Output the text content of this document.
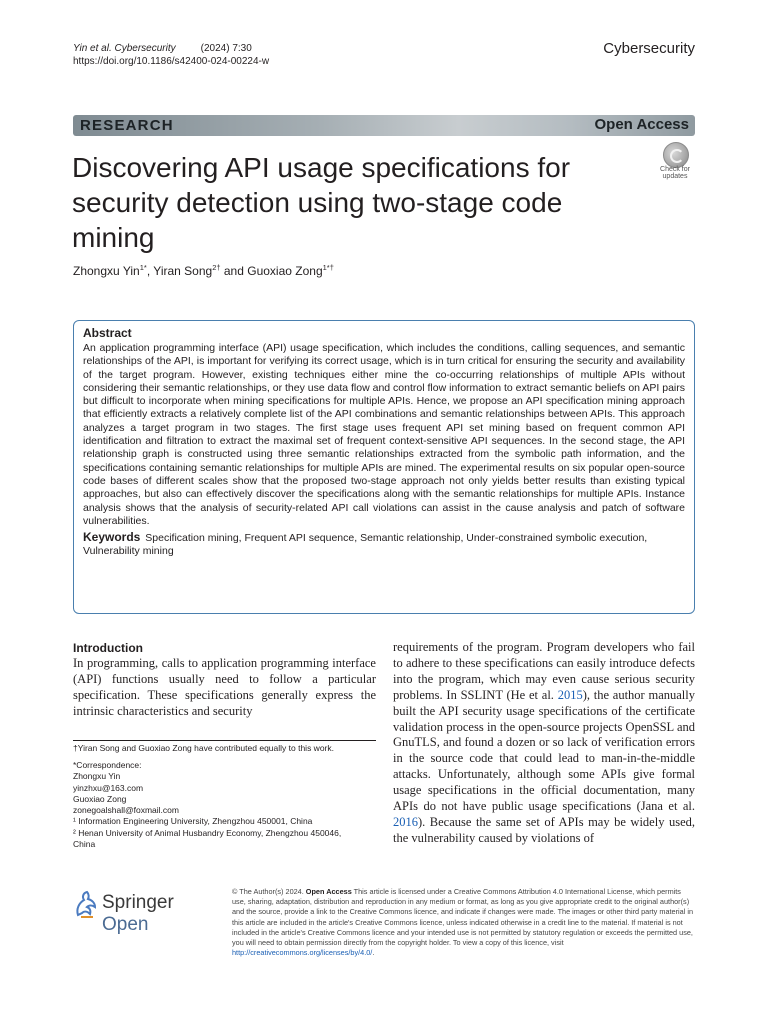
Yin et al. Cybersecurity	(2024) 7:30
https://doi.org/10.1186/s42400-024-00224-w
Cybersecurity
RESEARCH	Open Access
Discovering API usage specifications for security detection using two-stage code mining
Check for
updates
Zhongxu Yin$^{1*}$, Yiran Song$^{2\dagger}$ and Guoxiao Zong$^{1*\dagger}$
Abstract
An application programming interface (API) usage specification, which includes the conditions, calling sequences, and semantic relationships of the API, is important for verifying its correct usage, which is in turn critical for ensuring the security and availability of the target program. However, existing techniques either mine the co-occurring relationships of multiple APIs without considering their semantic relationships, or they use data flow and control flow information to extract semantic beliefs on API pairs but difficult to incorporate when mining specifications for multiple APIs. Hence, we propose an API specification mining approach that efficiently extracts a relatively complete list of the API combinations and semantic relationships between APIs. This approach analyzes a target program in two stages. The first stage uses frequent API set mining based on frequent common API identification and filtration to extract the maximal set of frequent context-sensitive API sequences. In the second stage, the API relationship graph is constructed using three semantic relationships extracted from the symbolic path information, and the specifications containing semantic relationships for multiple APIs are mined. The experimental results on six popular open-source code bases of different scales show that the proposed two-stage approach not only yields better results than existing typical approaches, but also can effectively discover the specifications along with the semantic relationships for multiple APIs. Instance analysis shows that the analysis of security-related API call violations can assist in the cause analysis and patch of software vulnerabilities.
Keywords Specification mining, Frequent API sequence, Semantic relationship, Under-constrained symbolic execution, Vulnerability mining
Introduction
In programming, calls to application programming interface (API) functions usually need to follow a particular specification. These specifications generally express the intrinsic characteristics and security
requirements of the program. Program developers who fail to adhere to these specifications can easily introduce defects into the program, which may even cause serious security problems. In SSLINT (He et al. 2015), the author manually built the API security usage specifications of the certificate validation process in the open-source projects OpenSSL and GnuTLS, and found a dozen or so lack of verification errors in the source code that could lead to man-in-the-middle attacks. Unfortunately, although some APIs give formal usage specifications in the official documentation, many APIs do not have public usage specifications (Jana et al. 2016). Because the same set of APIs may be widely used, the vulnerability caused by violations of
†Yiran Song and Guoxiao Zong have contributed equally to this work.
*Correspondence:
Zhongxu Yin
yinzhxu@163.com
Guoxiao Zong
zonegoalshall@foxmail.com
¹ Information Engineering University, Zhengzhou 450001, China
² Henan University of Animal Husbandry Economy, Zhengzhou 450046,
China
Springer Open
© The Author(s) 2024. Open Access This article is licensed under a Creative Commons Attribution 4.0 International License, which permits use, sharing, adaptation, distribution and reproduction in any medium or format, as long as you give appropriate credit to the original author(s) and the source, provide a link to the Creative Commons licence, and indicate if changes were made. The images or other third party material in this article are included in the article's Creative Commons licence, unless indicated otherwise in a credit line to the material. If material is not included in the article's Creative Commons licence and your intended use is not permitted by statutory regulation or exceeds the permitted use, you will need to obtain permission directly from the copyright holder. To view a copy of this licence, visit http://creativecommons.org/licenses/by/4.0/.
